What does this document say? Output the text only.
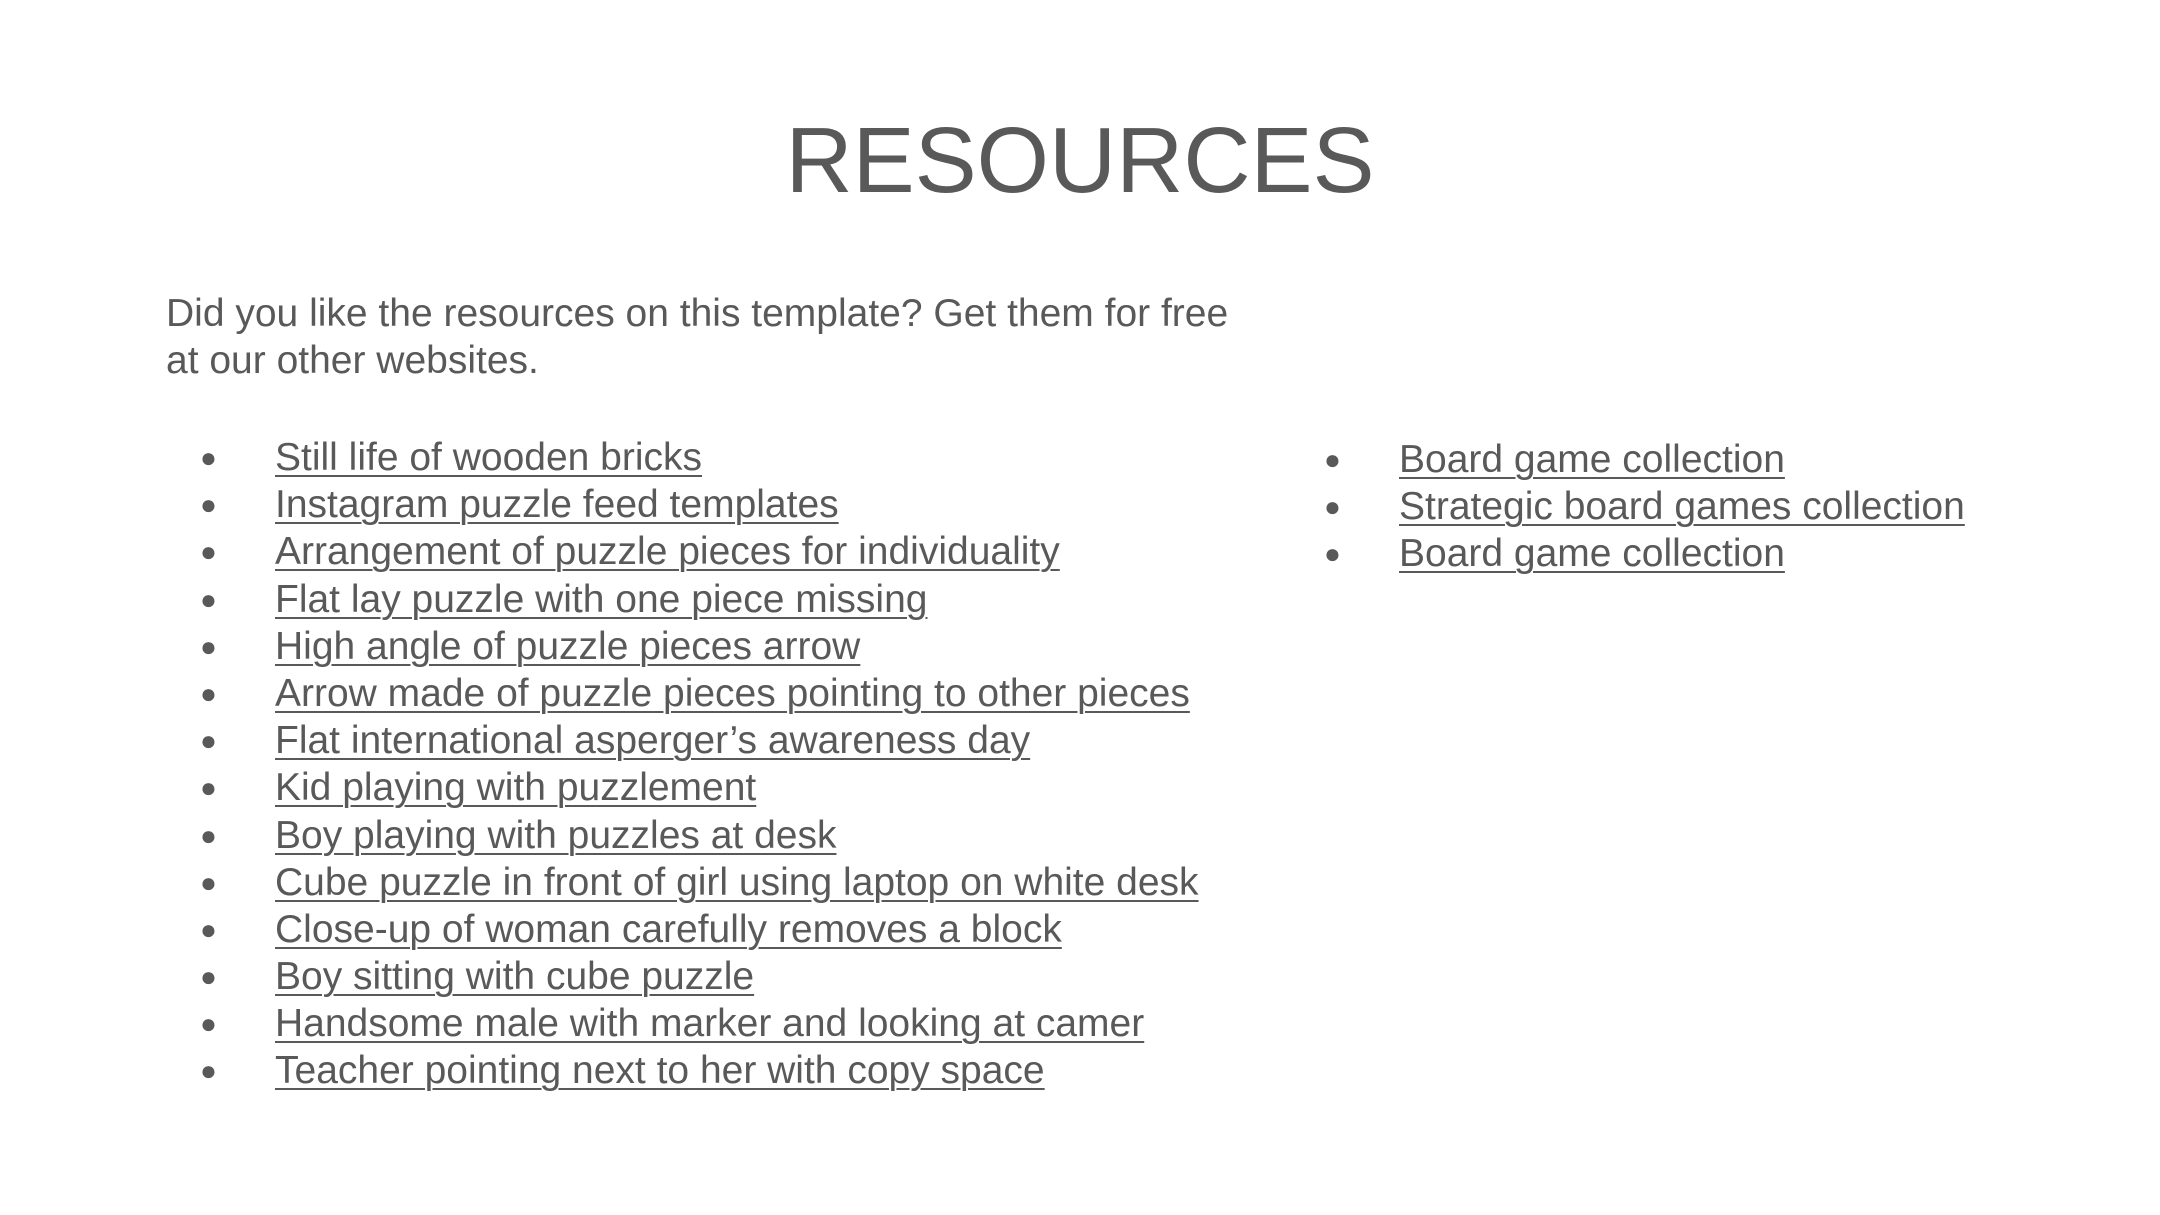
RESOURCES

Did you like the resources on this template? Get them for free
at our other websites.

● Still life of wooden bricks
● Instagram puzzle feed templates
● Arrangement of puzzle pieces for individuality
● Flat lay puzzle with one piece missing
● High angle of puzzle pieces arrow
● Arrow made of puzzle pieces pointing to other pieces
● Flat international asperger’s awareness day
● Kid playing with puzzlement
● Boy playing with puzzles at desk
● Cube puzzle in front of girl using laptop on white desk
● Close-up of woman carefully removes a block
● Boy sitting with cube puzzle
● Handsome male with marker and looking at camer
● Teacher pointing next to her with copy space
● Board game collection
● Strategic board games collection
● Board game collection
